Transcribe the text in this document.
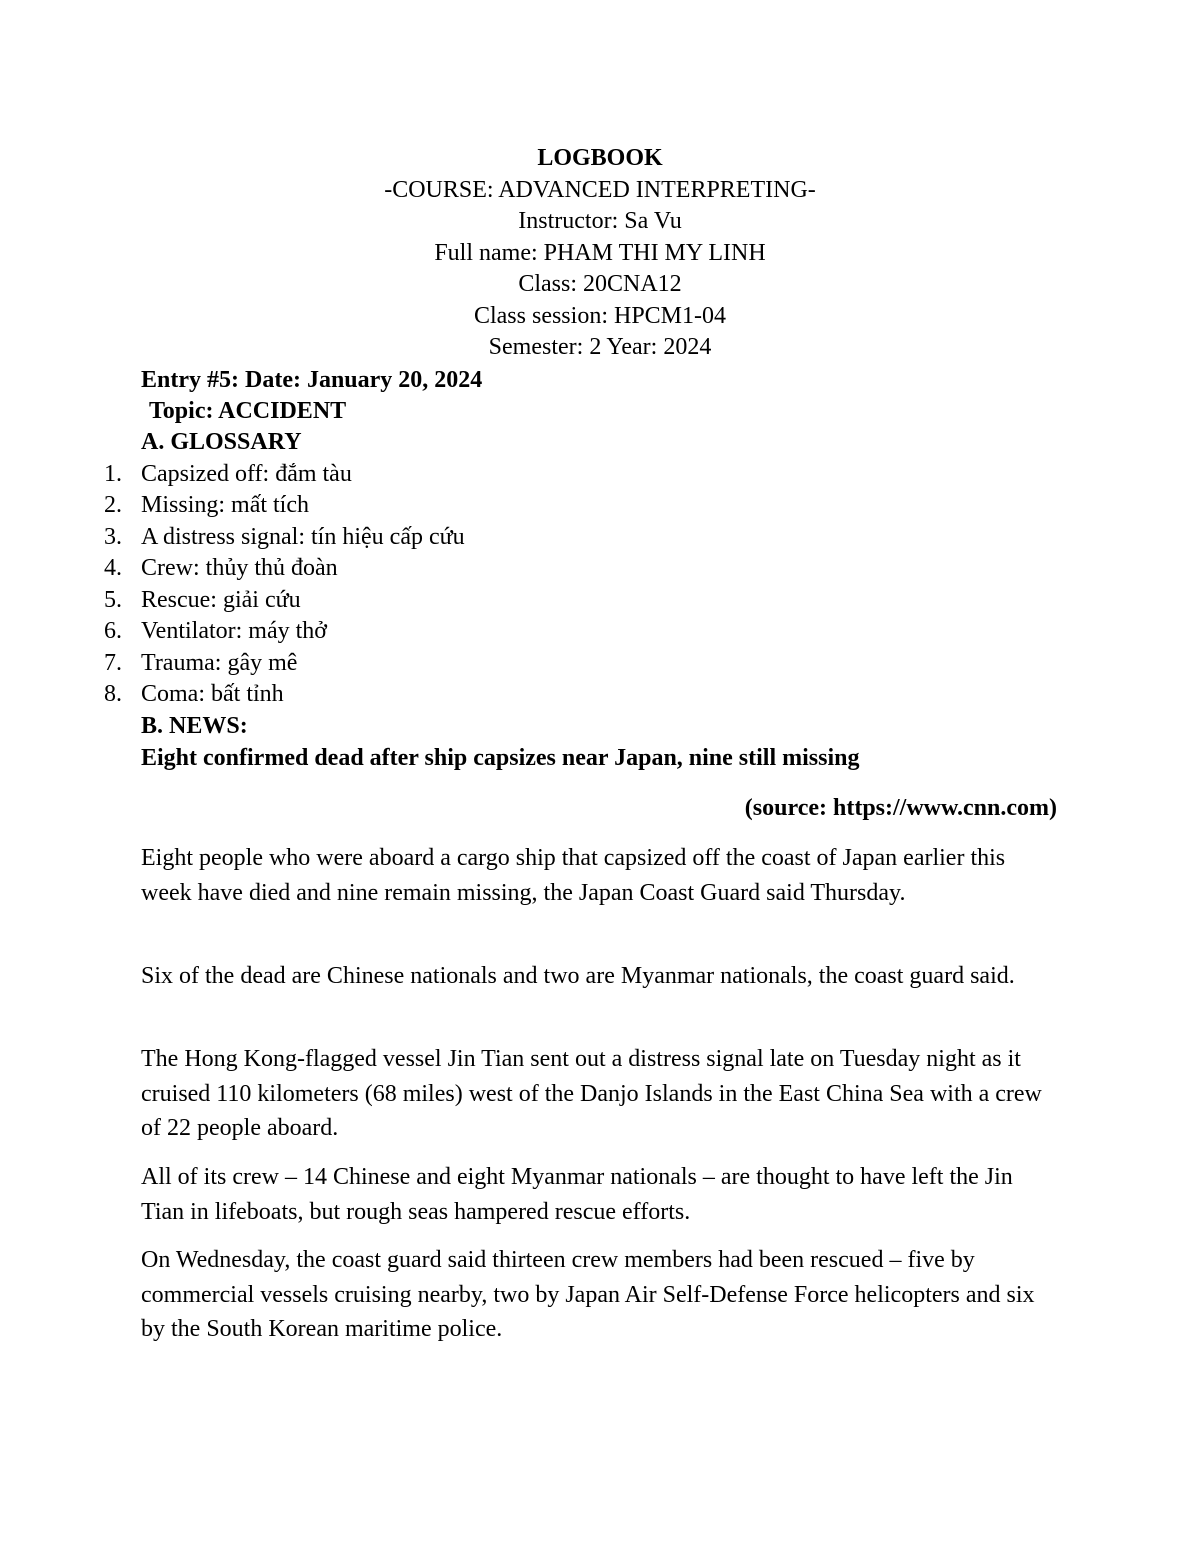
LOGBOOK
-COURSE: ADVANCED INTERPRETING-
Instructor: Sa Vu
Full name: PHAM THI MY LINH
Class: 20CNA12
Class session: HPCM1-04
Semester: 2 Year: 2024
Entry #5: Date: January 20, 2024
Topic: ACCIDENT
A. GLOSSARY
1. Capsized off: đắm tàu
2. Missing: mất tích
3. A distress signal: tín hiệu cấp cứu
4. Crew: thủy thủ đoàn
5. Rescue: giải cứu
6. Ventilator: máy thở
7. Trauma: gây mê
8. Coma: bất tỉnh
B. NEWS:
Eight confirmed dead after ship capsizes near Japan, nine still missing
(source: https://www.cnn.com)

Eight people who were aboard a cargo ship that capsized off the coast of Japan earlier this week have died and nine remain missing, the Japan Coast Guard said Thursday.

Six of the dead are Chinese nationals and two are Myanmar nationals, the coast guard said.

The Hong Kong-flagged vessel Jin Tian sent out a distress signal late on Tuesday night as it cruised 110 kilometers (68 miles) west of the Danjo Islands in the East China Sea with a crew of 22 people aboard.

All of its crew – 14 Chinese and eight Myanmar nationals – are thought to have left the Jin Tian in lifeboats, but rough seas hampered rescue efforts.

On Wednesday, the coast guard said thirteen crew members had been rescued – five by commercial vessels cruising nearby, two by Japan Air Self-Defense Force helicopters and six by the South Korean maritime police.
